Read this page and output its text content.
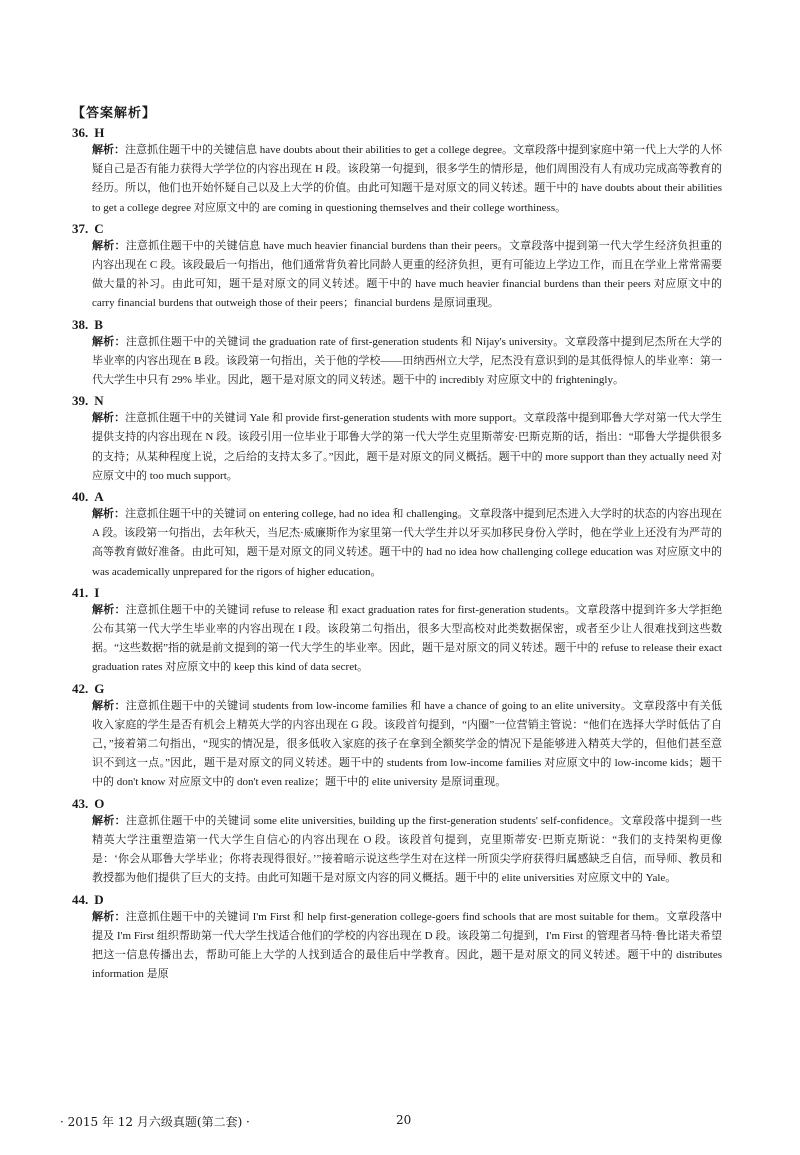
【答案解析】
36. H

解析：注意抓住题干中的关键信息 have doubts about their abilities to get a college degree。文章段落中提到家庭中第一代上大学的人怀疑自己是否有能力获得大学学位的内容出现在 H 段。该段第一句提到，很多学生的情形是，他们周围没有人有成功完成高等教育的经历。所以，他们也开始怀疑自己以及上大学的价值。由此可知题干是对原文的同义转述。题干中的 have doubts about their abilities to get a college degree 对应原文中的 are coming in questioning themselves and their college worthiness。

37. C

解析：注意抓住题干中的关键信息 have much heavier financial burdens than their peers。文章段落中提到第一代大学生经济负担重的内容出现在 C 段。该段最后一句指出，他们通常背负着比同龄人更重的经济负担，更有可能边上学边工作，而且在学业上常常需要做大量的补习。由此可知，题干是对原文的同义转述。题干中的 have much heavier financial burdens than their peers 对应原文中的 carry financial burdens that outweigh those of their peers；financial burdens 是原词重现。

38. B

解析：注意抓住题干中的关键词 the graduation rate of first-generation students 和 Nijay's university。文章段落中提到尼杰所在大学的毕业率的内容出现在 B 段。该段第一句指出，关于他的学校——田纳西州立大学，尼杰没有意识到的是其低得惊人的毕业率：第一代大学生中只有 29% 毕业。因此，题干是对原文的同义转述。题干中的 incredibly 对应原文中的 frighteningly。

39. N

解析：注意抓住题干中的关键词 Yale 和 provide first-generation students with more support。文章段落中提到耶鲁大学对第一代大学生提供支持的内容出现在 N 段。该段引用一位毕业于耶鲁大学的第一代大学生克里斯蒂安·巴斯克斯的话，指出：“耶鲁大学提供很多的支持；从某种程度上说，之后给的支持太多了。”因此，题干是对原文的同义概括。题干中的 more support than they actually need 对应原文中的 too much support。

40. A

解析：注意抓住题干中的关键词 on entering college, had no idea 和 challenging。文章段落中提到尼杰进入大学时的状态的内容出现在 A 段。该段第一句指出，去年秋天，当尼杰·威廉斯作为家里第一代大学生并以牙买加移民身份入学时，他在学业上还没有为严苛的高等教育做好准备。由此可知，题干是对原文的同义转述。题干中的 had no idea how challenging college education was 对应原文中的 was academically unprepared for the rigors of higher education。

41. I

解析：注意抓住题干中的关键词 refuse to release 和 exact graduation rates for first-generation students。文章段落中提到许多大学拒绝公布其第一代大学生毕业率的内容出现在 I 段。该段第二句指出，很多大型高校对此类数据保密，或者至少让人很难找到这些数据。“这些数据”指的就是前文提到的第一代大学生的毕业率。因此，题干是对原文的同义转述。题干中的 refuse to release their exact graduation rates 对应原文中的 keep this kind of data secret。

42. G

解析：注意抓住题干中的关键词 students from low-income families 和 have a chance of going to an elite university。文章段落中有关低收入家庭的学生是否有机会上精英大学的内容出现在 G 段。该段首句提到，“内圈”一位营销主管说：“他们在选择大学时低估了自己，”接着第二句指出，“现实的情况是，很多低收入家庭的孩子在拿到全额奖学金的情况下是能够进入精英大学的，但他们甚至意识不到这一点。”因此，题干是对原文的同义转述。题干中的 students from low-income families 对应原文中的 low-income kids；题干中的 don't know 对应原文中的 don't even realize；题干中的 elite university 是原词重现。

43. O

解析：注意抓住题干中的关键词 some elite universities, building up the first-generation students' self-confidence。文章段落中提到一些精英大学注重塑造第一代大学生自信心的内容出现在 O 段。该段首句提到，克里斯蒂安·巴斯克斯说：“我们的支持架构更像是：‘你会从耶鲁大学毕业；你将表现得很好。’”接着暗示说这些学生对在这样一所顶尖学府获得归属感缺乏自信，而导师、教员和教授都为他们提供了巨大的支持。由此可知题干是对原文内容的同义概括。题干中的 elite universities 对应原文中的 Yale。

44. D

解析：注意抓住题干中的关键词 I'm First 和 help first-generation college-goers find schools that are most suitable for them。文章段落中提及 I'm First 组织帮助第一代大学生找适合他们的学校的内容出现在 D 段。该段第二句提到，I'm First 的管理者马特·鲁比诺夫希望把这一信息传播出去，帮助可能上大学的人找到适合的最佳后中学教育。因此，题干是对原文的同义转述。题干中的 distributes information 是原

· 2015 年 12 月六级真题(第二套) ·	20
